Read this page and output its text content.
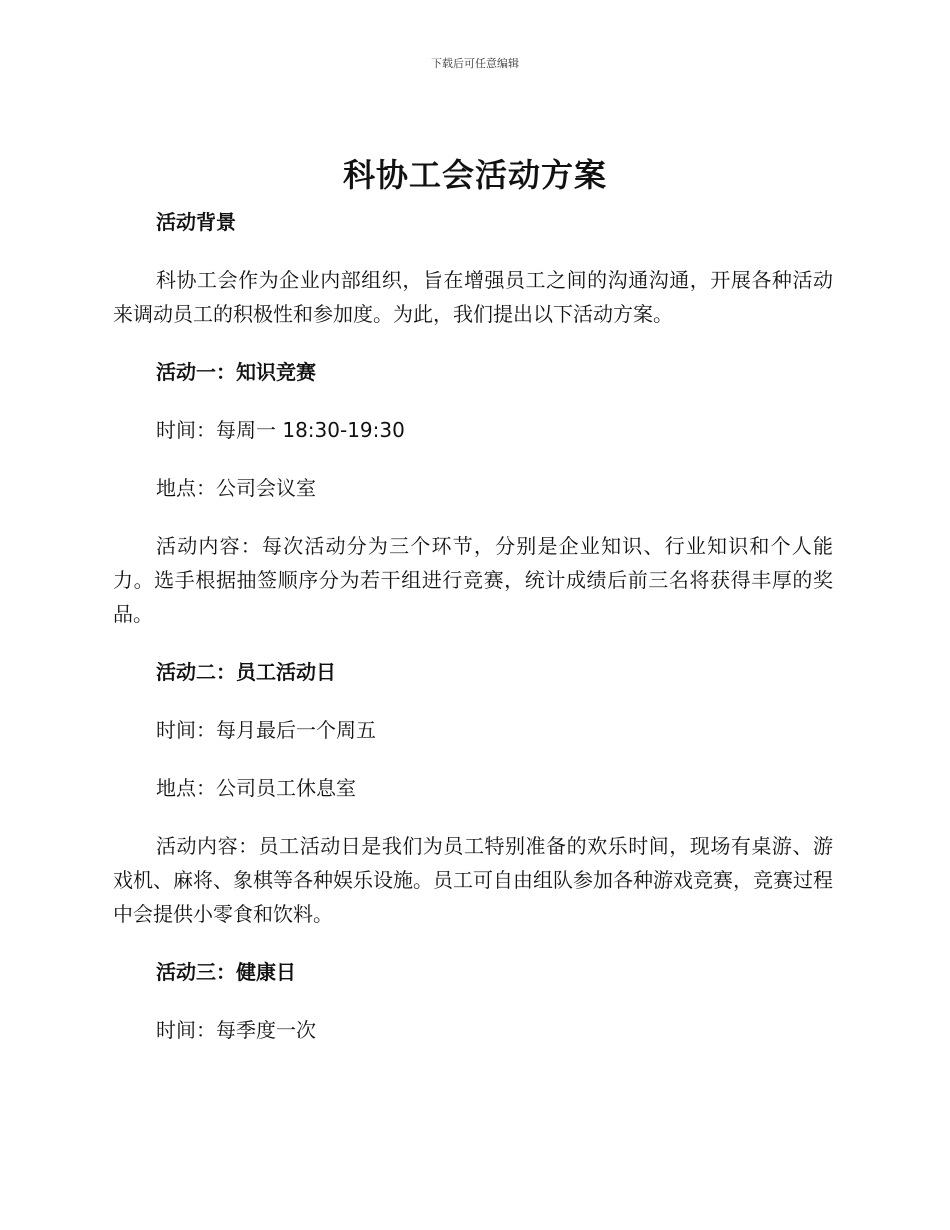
下载后可任意编辑
科协工会活动方案

活动背景

科协工会作为企业内部组织，旨在增强员工之间的沟通沟通，开展各种活动来调动员工的积极性和参加度。为此，我们提出以下活动方案。

活动一：知识竞赛

时间：每周一 18:30-19:30

地点：公司会议室

活动内容：每次活动分为三个环节，分别是企业知识、行业知识和个人能力。选手根据抽签顺序分为若干组进行竞赛，统计成绩后前三名将获得丰厚的奖品。

活动二：员工活动日

时间：每月最后一个周五

地点：公司员工休息室

活动内容：员工活动日是我们为员工特别准备的欢乐时间，现场有桌游、游戏机、麻将、象棋等各种娱乐设施。员工可自由组队参加各种游戏竞赛，竞赛过程中会提供小零食和饮料。

活动三：健康日

时间：每季度一次
